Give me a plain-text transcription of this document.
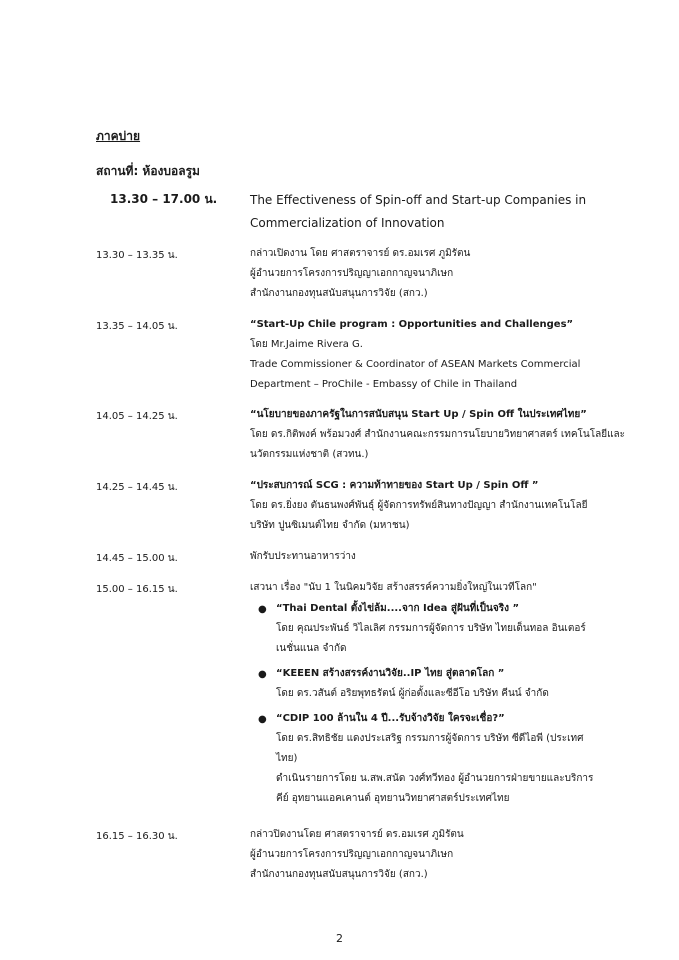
ภาคบ่าย
สถานที่: ห้องบอลรูม
13.30 – 17.00 น.	The Effectiveness of Spin-off and Start-up Companies in
Commercialization of Innovation
13.30 – 13.35 น.	กล่าวเปิดงาน โดย ศาสตราจารย์ ดร.อมเรศ ภูมิรัตน
ผู้อำนวยการโครงการปริญญาเอกกาญจนาภิเษก
สำนักงานกองทุนสนับสนุนการวิจัย (สกว.)
13.35 – 14.05 น.	“Start-Up Chile program : Opportunities and Challenges”
โดย Mr.Jaime Rivera G.
Trade Commissioner & Coordinator of ASEAN Markets Commercial
Department – ProChile - Embassy of Chile in Thailand
14.05 – 14.25 น.	“นโยบายของภาครัฐในการสนับสนุน Start Up / Spin Off ในประเทศไทย”
โดย ดร.กิติพงค์ พร้อมวงศ์ สำนักงานคณะกรรมการนโยบายวิทยาศาสตร์ เทคโนโลยีและ
นวัตกรรมแห่งชาติ (สวทน.)
14.25 – 14.45 น.	“ประสบการณ์ SCG : ความท้าทายของ Start Up / Spin Off ”
โดย ดร.ยิ่งยง ตันธนพงศ์พันธุ์ ผู้จัดการทรัพย์สินทางปัญญา สำนักงานเทคโนโลยี
บริษัท ปูนซิเมนต์ไทย จำกัด (มหาชน)
14.45 – 15.00 น.	พักรับประทานอาหารว่าง
15.00 – 16.15 น.	เสวนา เรื่อง "นับ 1 ในนิคมวิจัย สร้างสรรค์ความยิ่งใหญ่ในเวทีโลก"
● “Thai Dental ตั้งไข่ล้ม....จาก Idea สู่ฝันที่เป็นจริง ”
โดย คุณประพันธ์ วิไลเลิศ กรรมการผู้จัดการ บริษัท ไทยเด็นทอล อินเตอร์
เนชั่นแนล จำกัด
● “KEEEN สร้างสรรค์งานวิจัย..IP ไทย สู่ตลาดโลก ”
โดย ดร.วสันต์ อริยพุทธรัตน์ ผู้ก่อตั้งและซีอีโอ บริษัท คีนน์ จำกัด
● “CDIP 100 ล้านใน 4 ปี...รับจ้างวิจัย ใครจะเชื่อ?”
โดย ดร.สิทธิชัย แดงประเสริฐ กรรมการผู้จัดการ บริษัท ซีดีไอพี (ประเทศ
ไทย)
ดำเนินรายการโดย น.สพ.สนัด วงศ์ทวีทอง ผู้อำนวยการฝ่ายขายและบริการ
คีย์ อุทยานแอคเคานต์ อุทยานวิทยาศาสตร์ประเทศไทย
16.15 – 16.30 น.	กล่าวปิดงานโดย ศาสตราจารย์ ดร.อมเรศ ภูมิรัตน
ผู้อำนวยการโครงการปริญญาเอกกาญจนาภิเษก
สำนักงานกองทุนสนับสนุนการวิจัย (สกว.)
2
